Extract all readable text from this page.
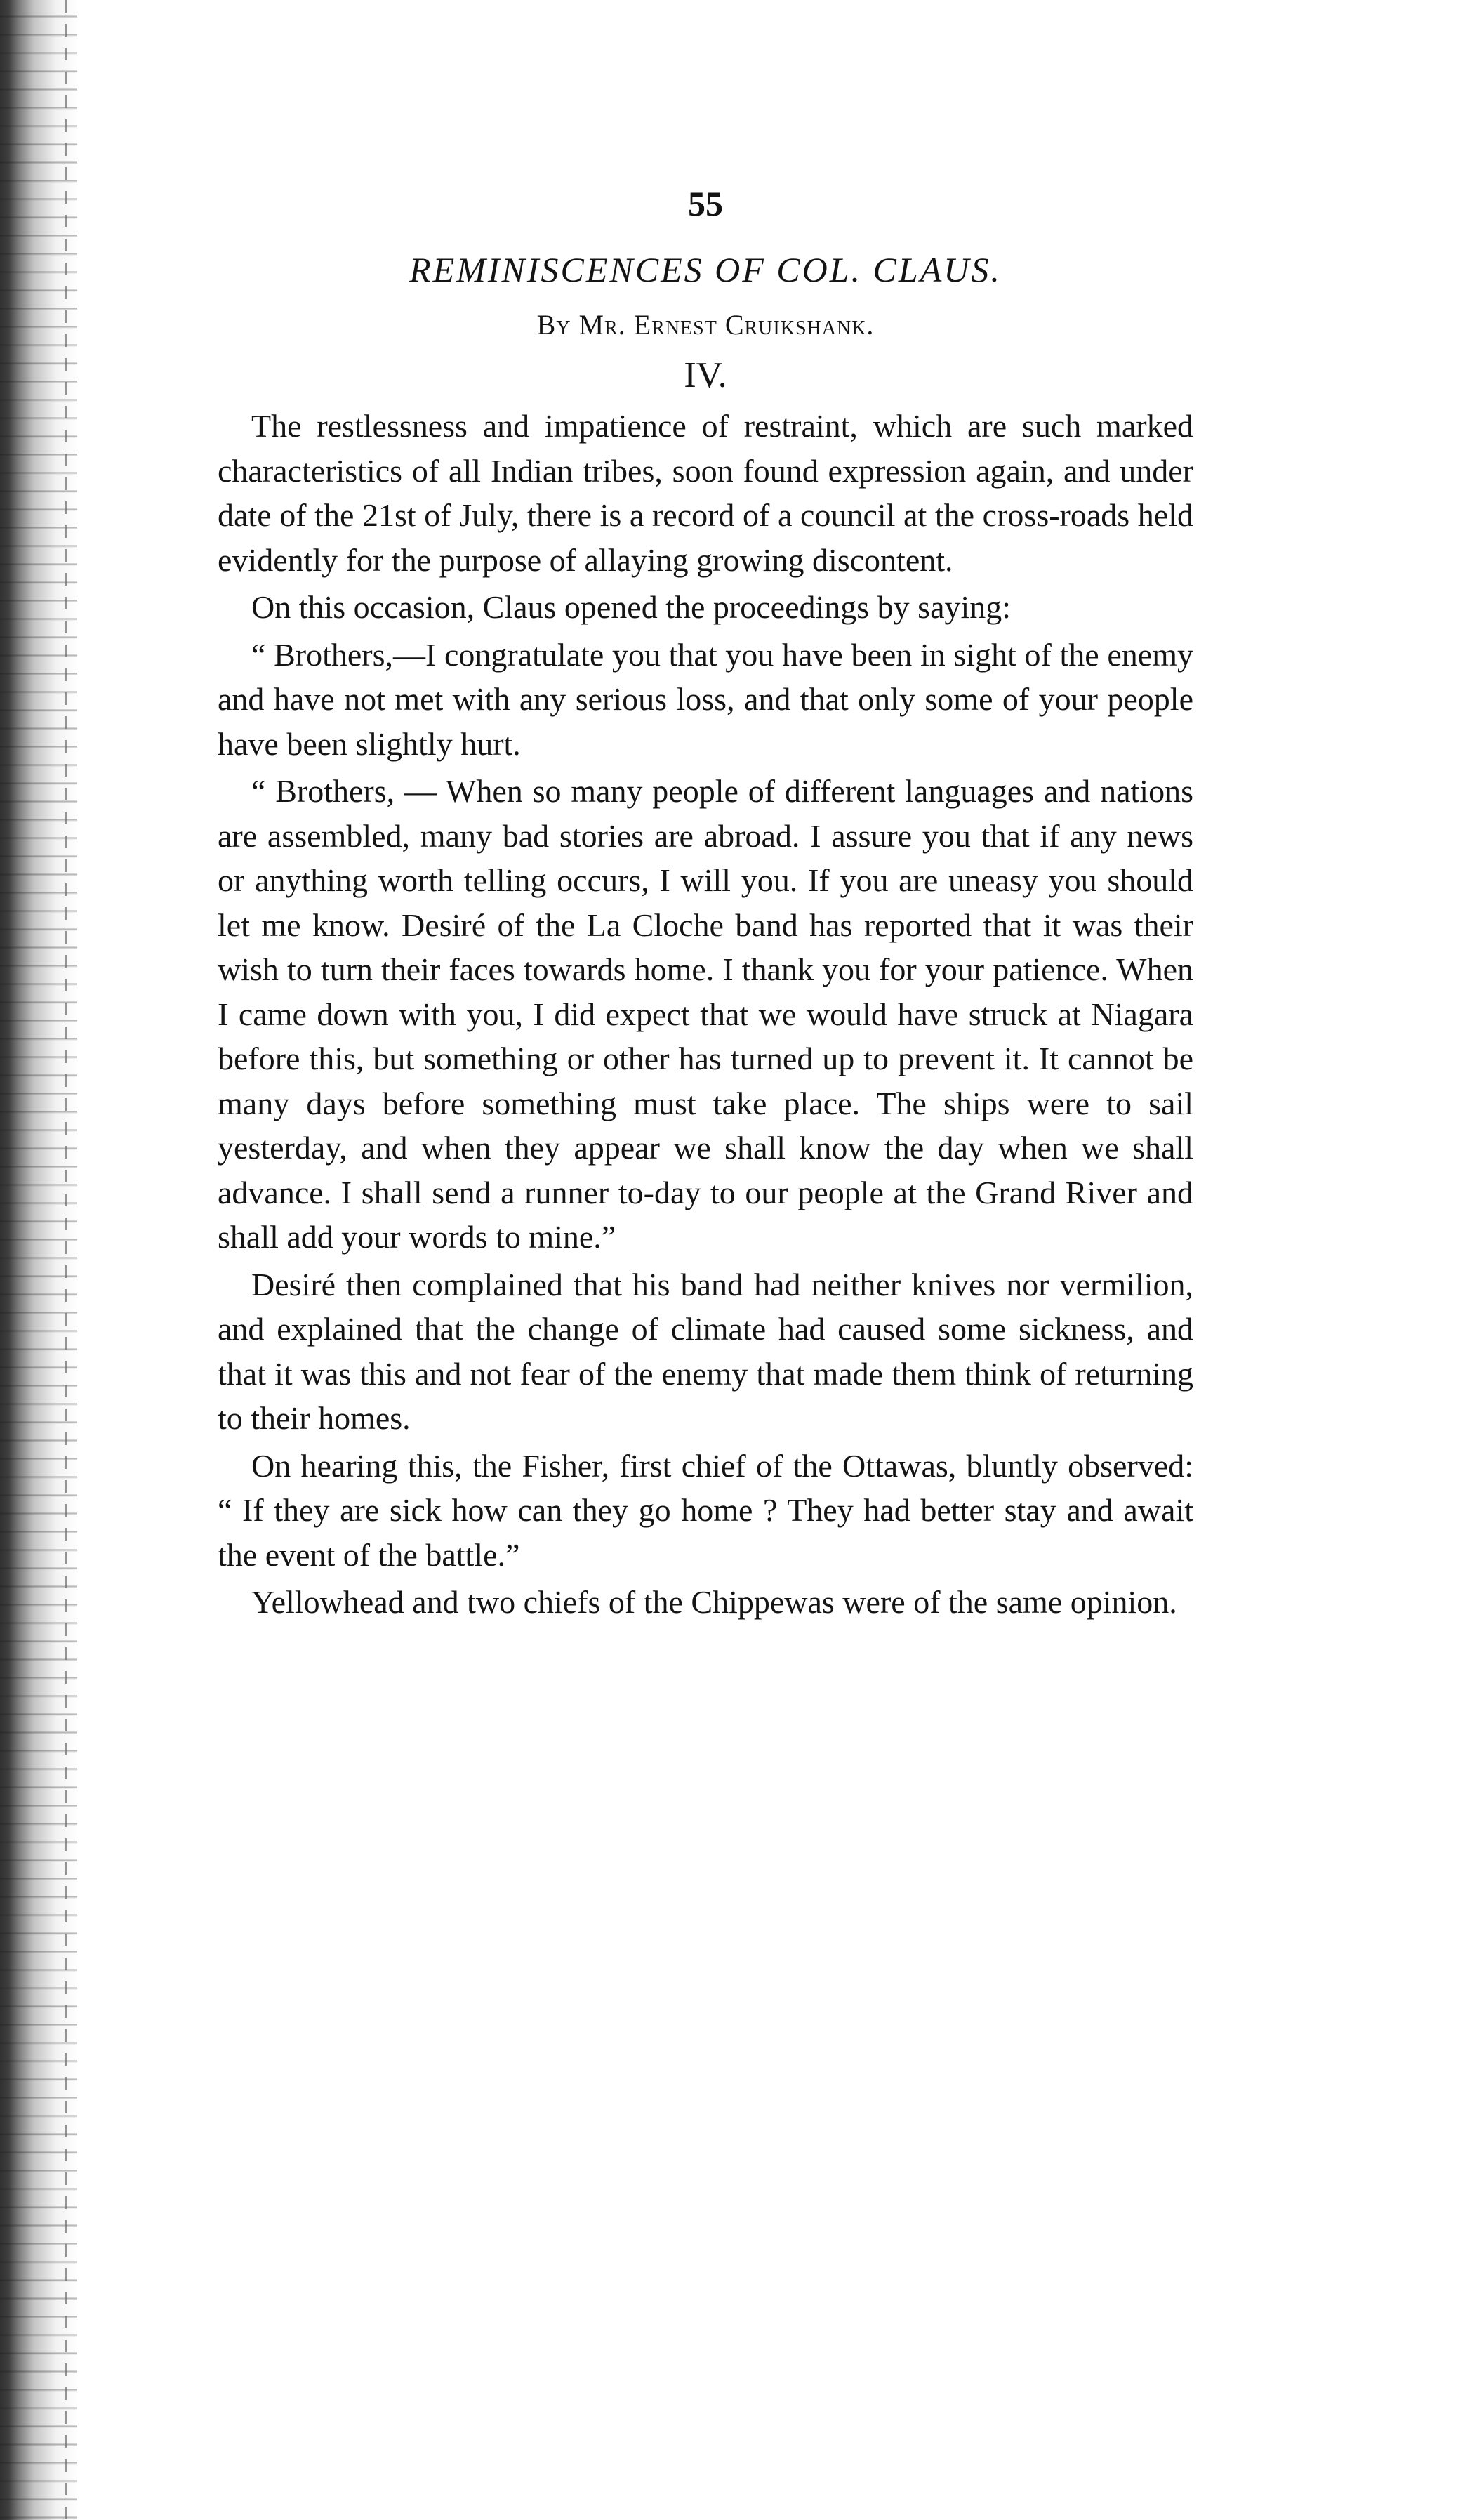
55
REMINISCENCES OF COL. CLAUS.
By Mr. Ernest Cruikshank.
IV.

The restlessness and impatience of restraint, which are such marked characteristics of all Indian tribes, soon found expression again, and under date of the 21st of July, there is a record of a council at the cross-roads held evidently for the purpose of allaying growing discontent.

On this occasion, Claus opened the proceedings by saying:

“ Brothers,—I congratulate you that you have been in sight of the enemy and have not met with any serious loss, and that only some of your people have been slightly hurt.

“ Brothers, — When so many people of different languages and nations are assembled, many bad stories are abroad. I assure you that if any news or anything worth telling occurs, I will you. If you are uneasy you should let me know. Desiré of the La Cloche band has reported that it was their wish to turn their faces towards home. I thank you for your patience. When I came down with you, I did expect that we would have struck at Niagara before this, but something or other has turned up to prevent it. It cannot be many days before something must take place. The ships were to sail yesterday, and when they appear we shall know the day when we shall advance. I shall send a runner to-day to our people at the Grand River and shall add your words to mine.”

Desiré then complained that his band had neither knives nor vermilion, and explained that the change of climate had caused some sickness, and that it was this and not fear of the enemy that made them think of returning to their homes.

On hearing this, the Fisher, first chief of the Ottawas, bluntly observed: “ If they are sick how can they go home ? They had better stay and await the event of the battle.”

Yellowhead and two chiefs of the Chippewas were of the same opinion.
